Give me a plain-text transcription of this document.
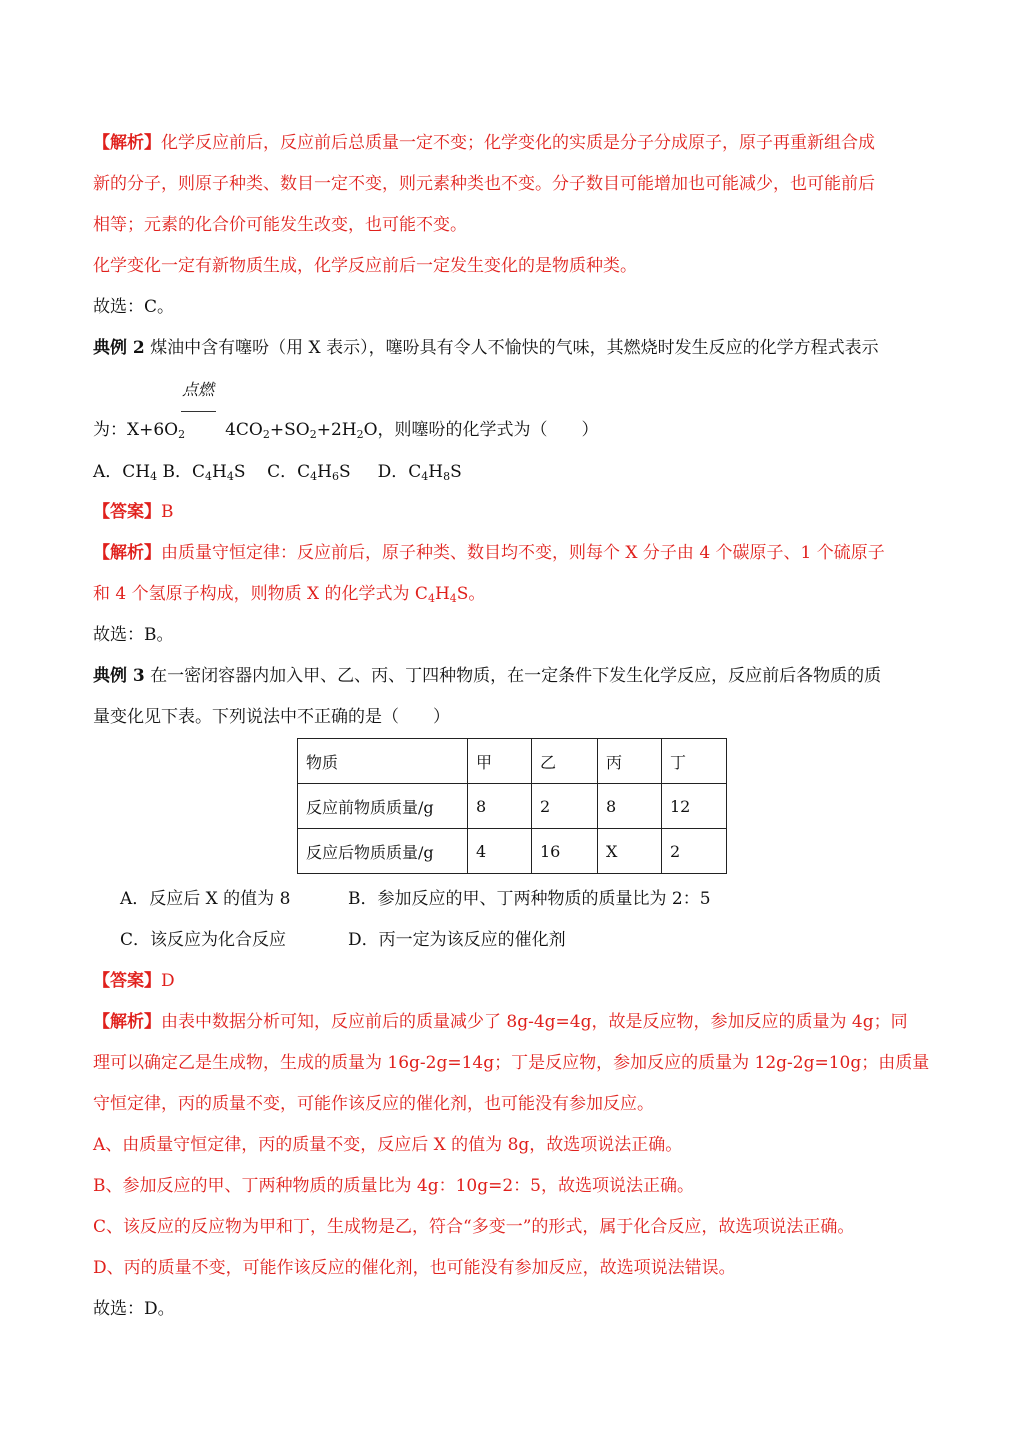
【解析】化学反应前后，反应前后总质量一定不变；化学变化的实质是分子分成原子，原子再重新组合成
新的分子，则原子种类、数目一定不变，则元素种类也不变。分子数目可能增加也可能减少，也可能前后
相等；元素的化合价可能发生改变，也可能不变。
化学变化一定有新物质生成，化学反应前后一定发生变化的是物质种类。
故选：C。
典例 2 煤油中含有噻吩（用 X 表示），噻吩具有令人不愉快的气味，其燃烧时发生反应的化学方程式表示
点燃
为：$X+6O_2$ $4CO_2+SO_2+2H_2O$，则噻吩的化学式为（　　）
A．$CH_4$ B．$C_4H_4S$ C．$C_4H_6S$ D．$C_4H_8S$
【答案】B
【解析】由质量守恒定律：反应前后，原子种类、数目均不变，则每个 X 分子由 4 个碳原子、1 个硫原子
和 4 个氢原子构成，则物质 X 的化学式为 $C_4H_4S$。
故选：B。
典例 3 在一密闭容器内加入甲、乙、丙、丁四种物质，在一定条件下发生化学反应，反应前后各物质的质
量变化见下表。下列说法中不正确的是（　　）
物质	甲	乙	丙	丁
反应前物质质量/g	8	2	8	12
反应后物质质量/g	4	16	X	2
A．反应后 X 的值为 8	B．参加反应的甲、丁两种物质的质量比为 2：5
C．该反应为化合反应	D．丙一定为该反应的催化剂
【答案】D
【解析】由表中数据分析可知，反应前后的质量减少了 8g-4g=4g，故是反应物，参加反应的质量为 4g；同
理可以确定乙是生成物，生成的质量为 16g-2g=14g；丁是反应物，参加反应的质量为 12g-2g=10g；由质量
守恒定律，丙的质量不变，可能作该反应的催化剂，也可能没有参加反应。
A、由质量守恒定律，丙的质量不变，反应后 X 的值为 8g，故选项说法正确。
B、参加反应的甲、丁两种物质的质量比为 4g：10g=2：5，故选项说法正确。
C、该反应的反应物为甲和丁，生成物是乙，符合“多变一”的形式，属于化合反应，故选项说法正确。
D、丙的质量不变，可能作该反应的催化剂，也可能没有参加反应，故选项说法错误。
故选：D。
